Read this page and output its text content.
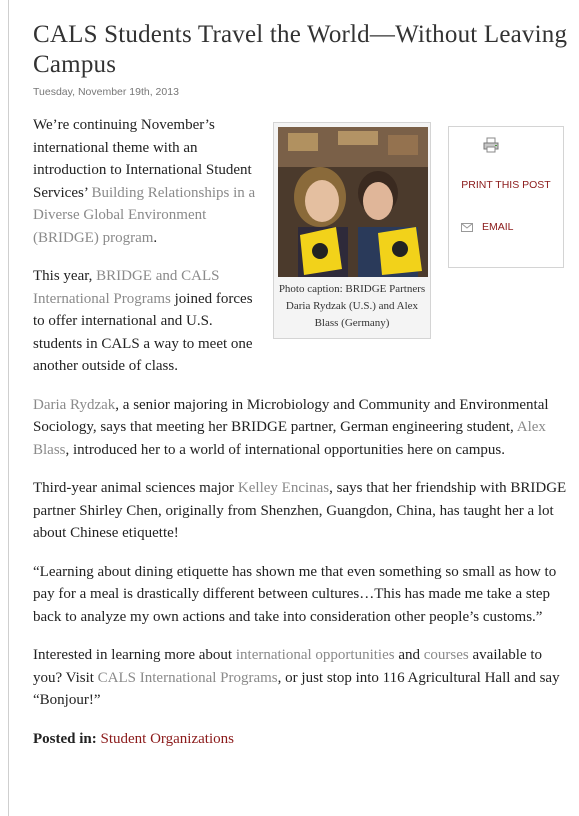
PRINT THIS POST
EMAIL
CALS Students Travel the World—Without Leaving Campus
Tuesday, November 19th, 2013
Photo caption: BRIDGE Partners Daria Rydzak (U.S.) and Alex Blass (Germany)

We’re continuing November’s international theme with an introduction to International Student Services’ Building Relationships in a Diverse Global Environment (BRIDGE) program.

This year, BRIDGE and CALS International Programs joined forces to offer international and U.S. students in CALS a way to meet one another outside of class.

Daria Rydzak, a senior majoring in Microbiology and Community and Environmental Sociology, says that meeting her BRIDGE partner, German engineering student, Alex Blass, introduced her to a world of international opportunities here on campus.

Third-year animal sciences major Kelley Encinas, says that her friendship with BRIDGE partner Shirley Chen, originally from Shenzhen, Guangdon, China, has taught her a lot about Chinese etiquette!

“Learning about dining etiquette has shown me that even something so small as how to pay for a meal is drastically different between cultures…This has made me take a step back to analyze my own actions and take into consideration other people’s customs.”

Interested in learning more about international opportunities and courses available to you? Visit CALS International Programs, or just stop into 116 Agricultural Hall and say “Bonjour!”

Posted in: Student Organizations
